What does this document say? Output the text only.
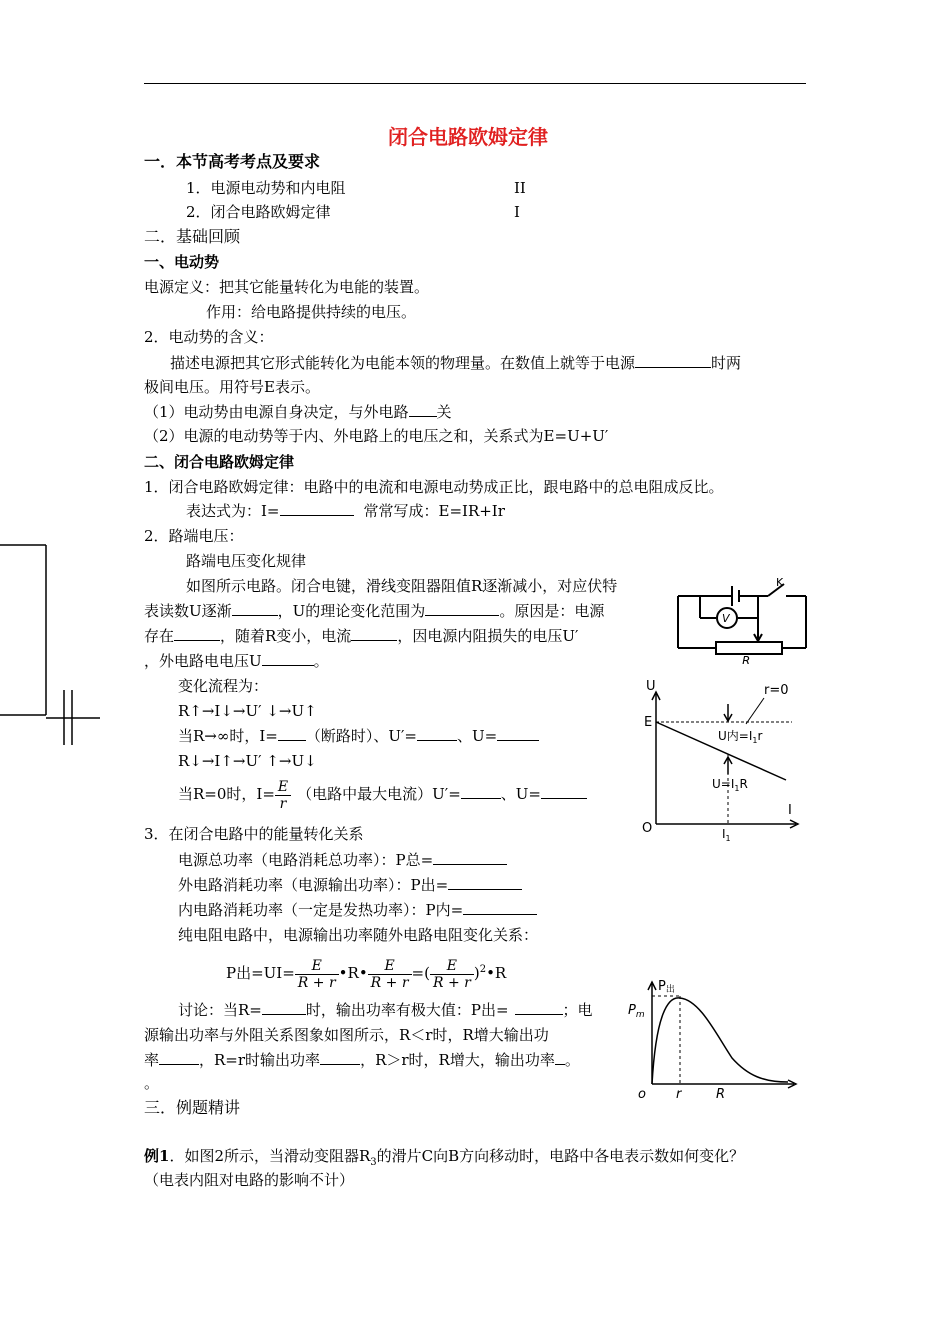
闭合电路欧姆定律
一．本节高考考点及要求
1．电源电动势和内电阻	II
2．闭合电路欧姆定律	I
二．基础回顾
一、电动势
电源定义：把其它能量转化为电能的装置。
作用：给电路提供持续的电压。
2．电动势的含义：
描述电源把其它形式能转化为电能本领的物理量。在数值上就等于电源	时两
极间电压。用符号E表示。
（1）电动势由电源自身决定，与外电路 关
（2）电源的电动势等于内、外电路上的电压之和，关系式为E=U+U′
二、闭合电路欧姆定律
1．闭合电路欧姆定律：电路中的电流和电源电动势成正比，跟电路中的总电阻成反比。
表达式为：I=	常常写成：E=IR+Ir
2．路端电压：
路端电压变化规律
如图所示电路。闭合电键，滑线变阻器阻值R逐渐减小，对应伏特
表读数U逐渐	，U的理论变化范围为	。原因是：电源
存在	，随着R变小，电流	，因电源内阻损失的电压U′
，外电路电电压U	。
变化流程为：
R↑→I↓→U′ ↓→U↑
当R→∞时，I= （断路时）、U′=	、U=
R↓→I↑→U′ ↑→U↓
当R=0时，$I= \frac{E}{r}$ （电路中最大电流）U′=	、U=
3．在闭合电路中的能量转化关系
电源总功率（电路消耗总功率）：P总=
外电路消耗功率（电源输出功率）：P出=
内电路消耗功率（一定是发热功率）：P内=
纯电阻电路中，电源输出功率随外电路电阻变化关系：
P出$=UI= \frac{E}{R + r}$ •R• $\frac{E}{R + r}$ =( $\frac{E}{R + r}$ )$^2$•R
讨论：当R=	时，输出功率有极大值：P出=	；电
源输出功率与外阻关系图象如图所示，R＜r时，R增大输出功
率	，R=r时输出功率	，R＞r时，R增大，输出功率 。
。
三．例题精讲
例1．如图2所示，当滑动变阻器$R_3$的滑片C向B方向移动时，电路中各电表示数如何变化？
（电表内阻对电路的影响不计）
K
V
R
U
I
O
E
r=0
U内$=I_1r$
$U=I_1R$
$I_1$
P出
$P_m$
o r	R
